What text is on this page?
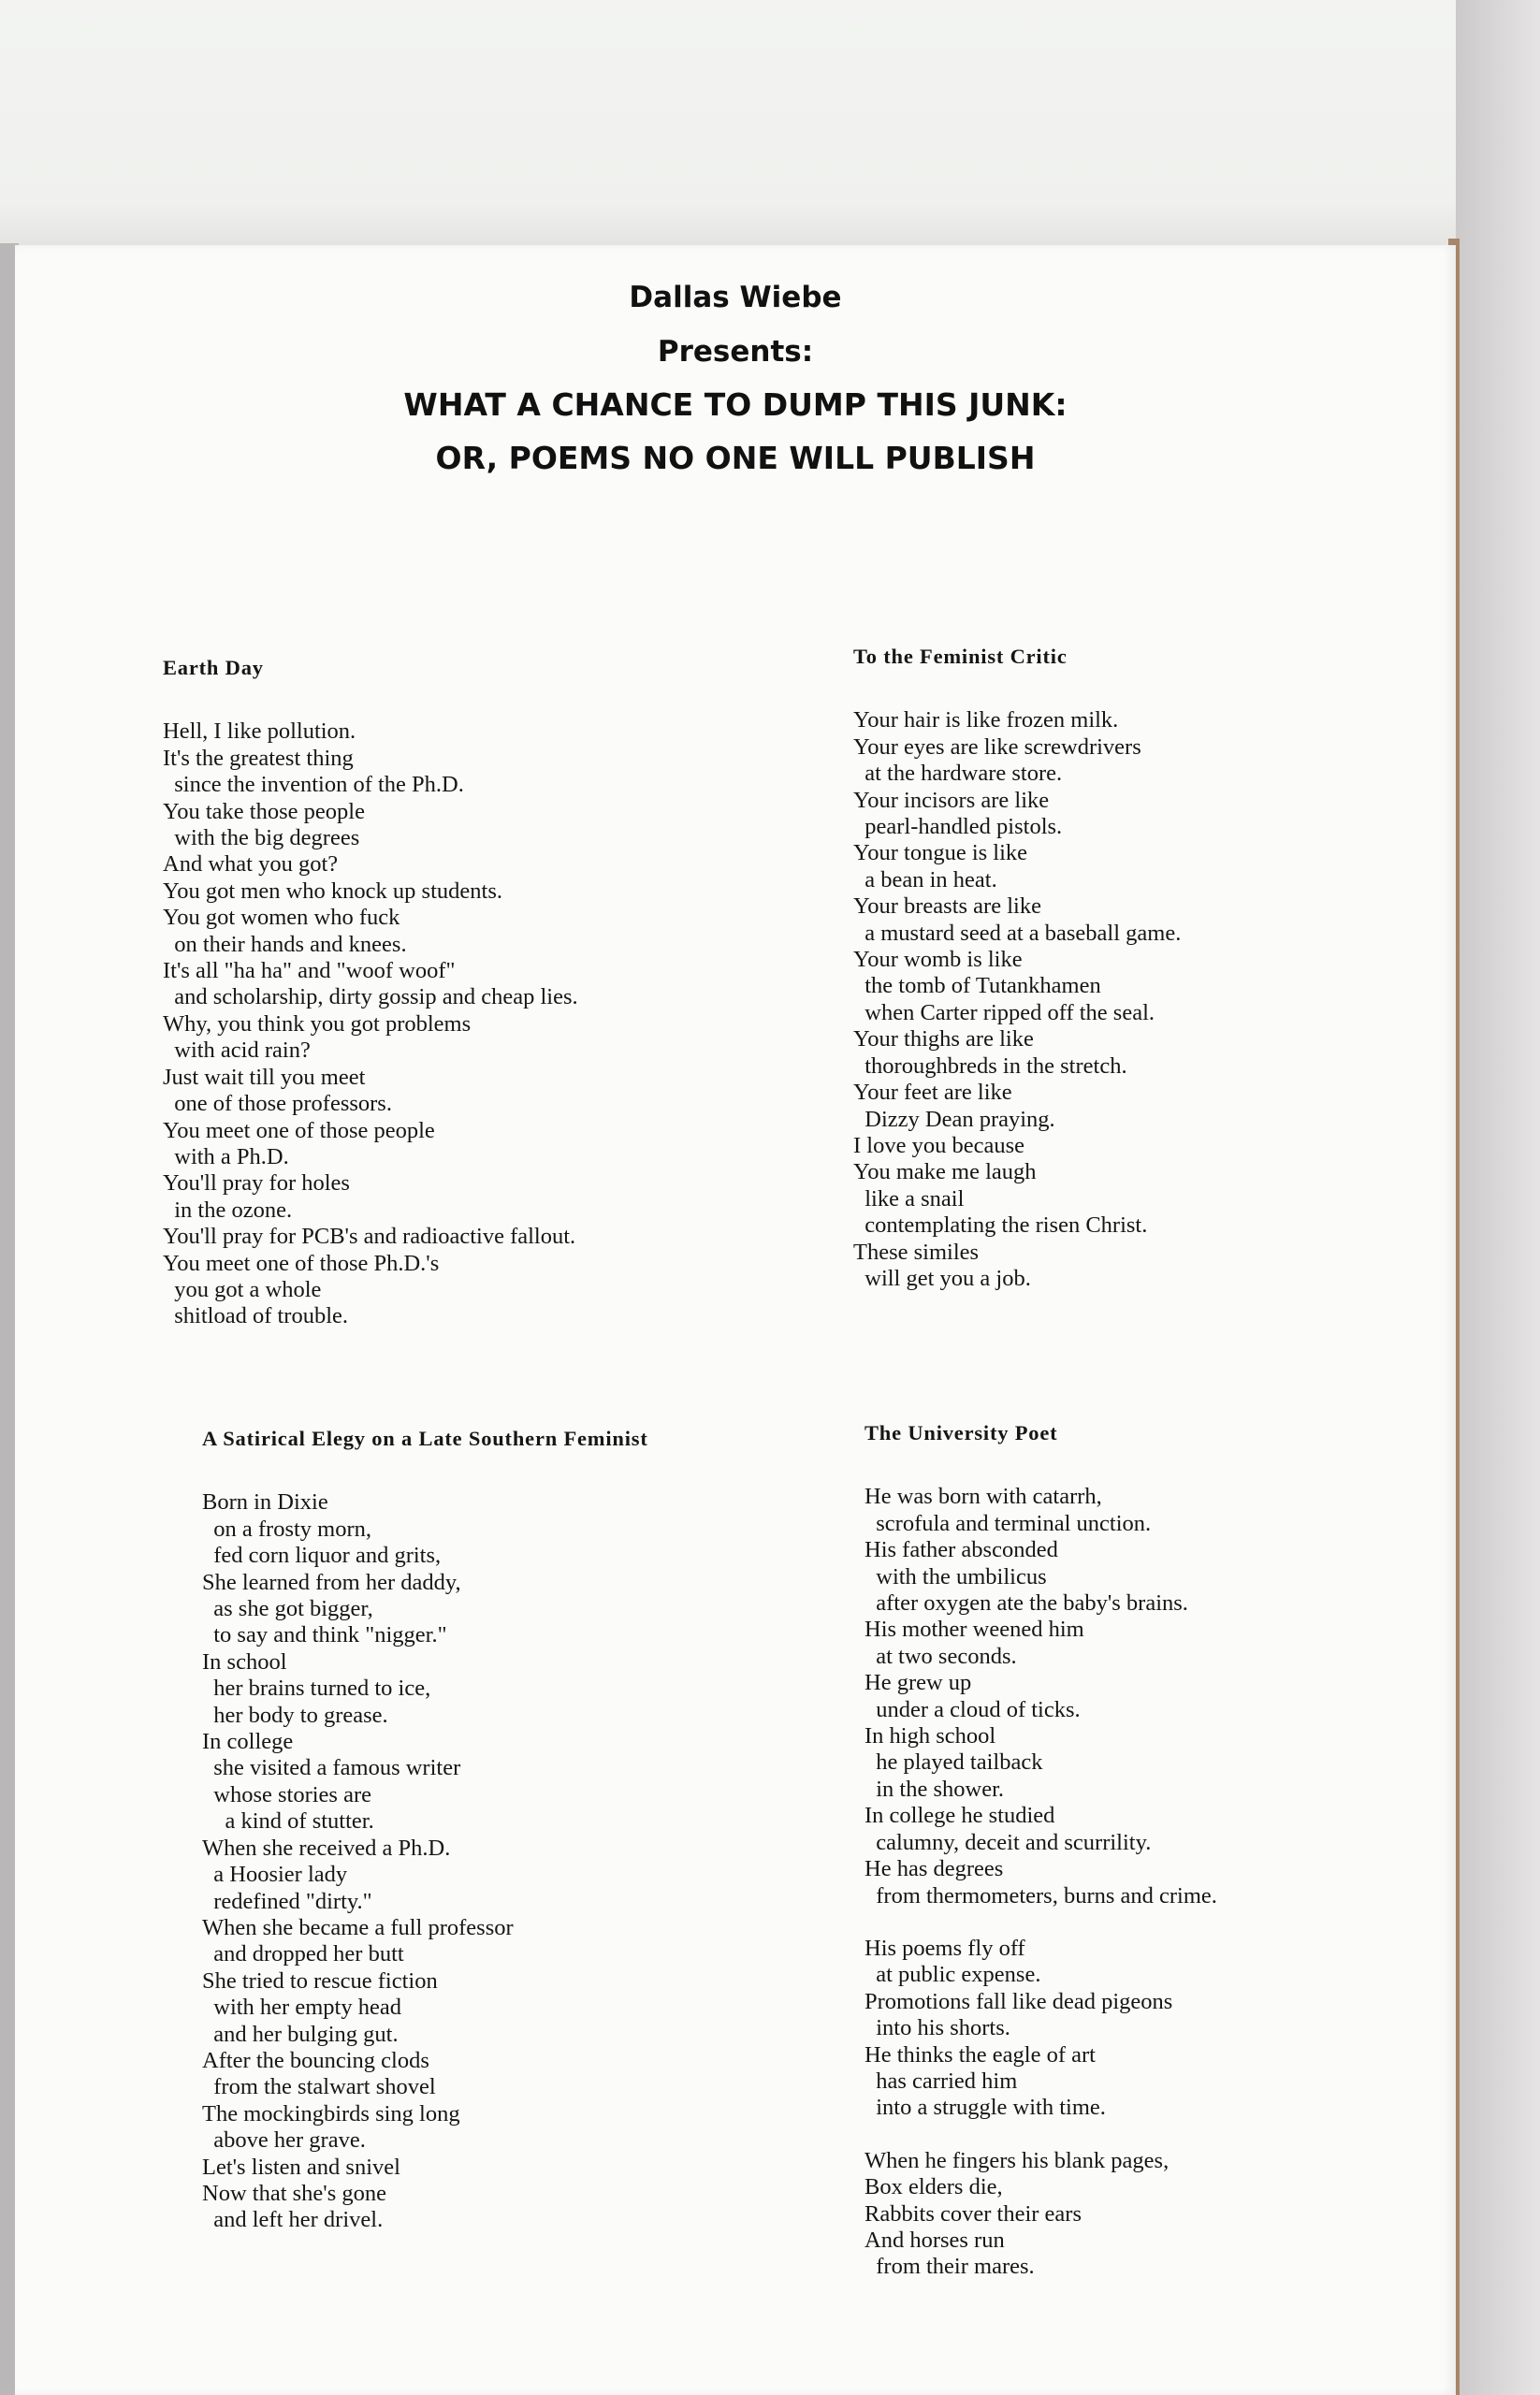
Dallas Wiebe
Presents:
WHAT A CHANCE TO DUMP THIS JUNK:
OR, POEMS NO ONE WILL PUBLISH
Earth Day
Hell, I like pollution.
It's the greatest thing
since the invention of the Ph.D.
You take those people
with the big degrees
And what you got?
You got men who knock up students.
You got women who fuck
on their hands and knees.
It's all "ha ha" and "woof woof"
and scholarship, dirty gossip and cheap lies.
Why, you think you got problems
with acid rain?
Just wait till you meet
one of those professors.
You meet one of those people
with a Ph.D.
You'll pray for holes
in the ozone.
You'll pray for PCB's and radioactive fallout.
You meet one of those Ph.D.'s
you got a whole
shitload of trouble.
To the Feminist Critic
Your hair is like frozen milk.
Your eyes are like screwdrivers
at the hardware store.
Your incisors are like
pearl-handled pistols.
Your tongue is like
a bean in heat.
Your breasts are like
a mustard seed at a baseball game.
Your womb is like
the tomb of Tutankhamen
when Carter ripped off the seal.
Your thighs are like
thoroughbreds in the stretch.
Your feet are like
Dizzy Dean praying.
I love you because
You make me laugh
like a snail
contemplating the risen Christ.
These similes
will get you a job.
A Satirical Elegy on a Late Southern Feminist
Born in Dixie
on a frosty morn,
fed corn liquor and grits,
She learned from her daddy,
as she got bigger,
to say and think "nigger."
In school
her brains turned to ice,
her body to grease.
In college
she visited a famous writer
whose stories are
a kind of stutter.
When she received a Ph.D.
a Hoosier lady
redefined "dirty."
When she became a full professor
and dropped her butt
She tried to rescue fiction
with her empty head
and her bulging gut.
After the bouncing clods
from the stalwart shovel
The mockingbirds sing long
above her grave.
Let's listen and snivel
Now that she's gone
and left her drivel.
The University Poet
He was born with catarrh,
scrofula and terminal unction.
His father absconded
with the umbilicus
after oxygen ate the baby's brains.
His mother weened him
at two seconds.
He grew up
under a cloud of ticks.
In high school
he played tailback
in the shower.
In college he studied
calumny, deceit and scurrility.
He has degrees
from thermometers, burns and crime.
His poems fly off
at public expense.
Promotions fall like dead pigeons
into his shorts.
He thinks the eagle of art
has carried him
into a struggle with time.
When he fingers his blank pages,
Box elders die,
Rabbits cover their ears
And horses run
from their mares.
